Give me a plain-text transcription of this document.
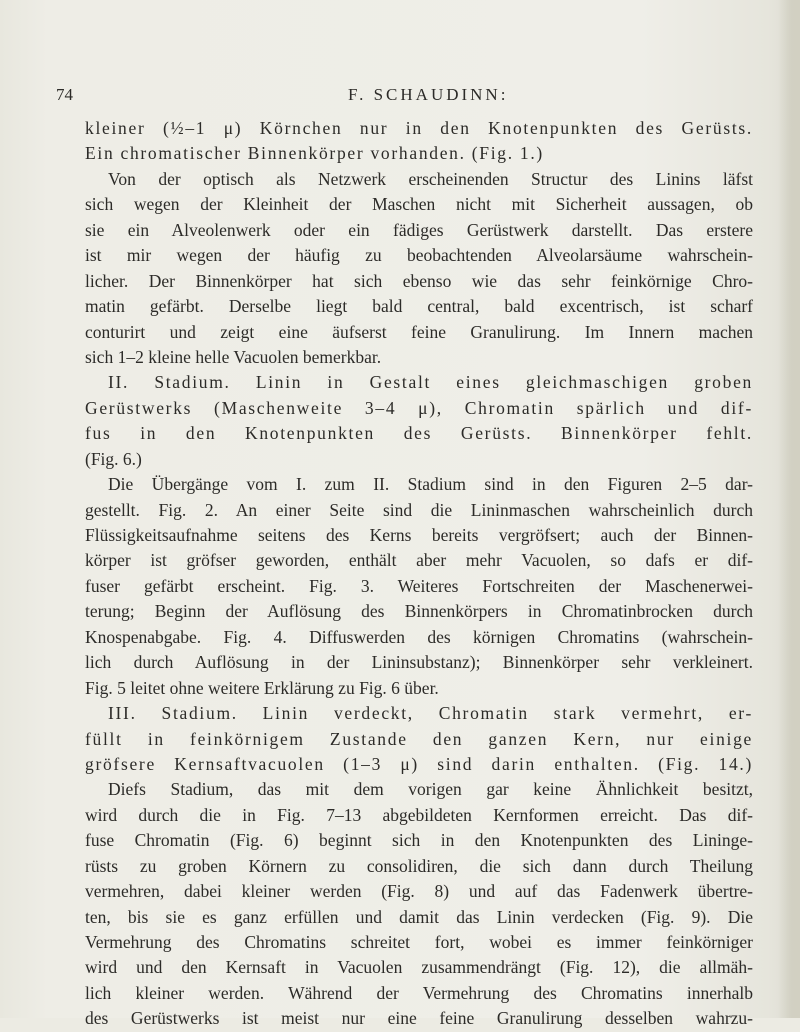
74	F. SCHAUDINN:
kleiner (½–1 μ) Körnchen nur in den Knotenpunkten des Gerüsts.
Ein chromatischer Binnenkörper vorhanden. (Fig. 1.)
Von der optisch als Netzwerk erscheinenden Structur des Linins läfst
sich wegen der Kleinheit der Maschen nicht mit Sicherheit aussagen, ob
sie ein Alveolenwerk oder ein fädiges Gerüstwerk darstellt. Das erstere
ist mir wegen der häufig zu beobachtenden Alveolarsäume wahrschein-
licher. Der Binnenkörper hat sich ebenso wie das sehr feinkörnige Chro-
matin gefärbt. Derselbe liegt bald central, bald excentrisch, ist scharf
conturirt und zeigt eine äufserst feine Granulirung. Im Innern machen
sich 1–2 kleine helle Vacuolen bemerkbar.
II. Stadium. Linin in Gestalt eines gleichmaschigen groben
Gerüstwerks (Maschenweite 3–4 μ), Chromatin spärlich und dif-
fus in den Knotenpunkten des Gerüsts. Binnenkörper fehlt.
(Fig. 6.)
Die Übergänge vom I. zum II. Stadium sind in den Figuren 2–5 dar-
gestellt. Fig. 2. An einer Seite sind die Lininmaschen wahrscheinlich durch
Flüssigkeitsaufnahme seitens des Kerns bereits vergröfsert; auch der Binnen-
körper ist gröfser geworden, enthält aber mehr Vacuolen, so dafs er dif-
fuser gefärbt erscheint. Fig. 3. Weiteres Fortschreiten der Maschenerwei-
terung; Beginn der Auflösung des Binnenkörpers in Chromatinbrocken durch
Knospenabgabe. Fig. 4. Diffuswerden des körnigen Chromatins (wahrschein-
lich durch Auflösung in der Lininsubstanz); Binnenkörper sehr verkleinert.
Fig. 5 leitet ohne weitere Erklärung zu Fig. 6 über.
III. Stadium. Linin verdeckt, Chromatin stark vermehrt, er-
füllt in feinkörnigem Zustande den ganzen Kern, nur einige
gröfsere Kernsaftvacuolen (1–3 μ) sind darin enthalten. (Fig. 14.)
Diefs Stadium, das mit dem vorigen gar keine Ähnlichkeit besitzt,
wird durch die in Fig. 7–13 abgebildeten Kernformen erreicht. Das dif-
fuse Chromatin (Fig. 6) beginnt sich in den Knotenpunkten des Lininge-
rüsts zu groben Körnern zu consolidiren, die sich dann durch Theilung
vermehren, dabei kleiner werden (Fig. 8) und auf das Fadenwerk übertre-
ten, bis sie es ganz erfüllen und damit das Linin verdecken (Fig. 9). Die
Vermehrung des Chromatins schreitet fort, wobei es immer feinkörniger
wird und den Kernsaft in Vacuolen zusammendrängt (Fig. 12), die allmäh-
lich kleiner werden. Während der Vermehrung des Chromatins innerhalb
des Gerüstwerks ist meist nur eine feine Granulirung desselben wahrzu-
